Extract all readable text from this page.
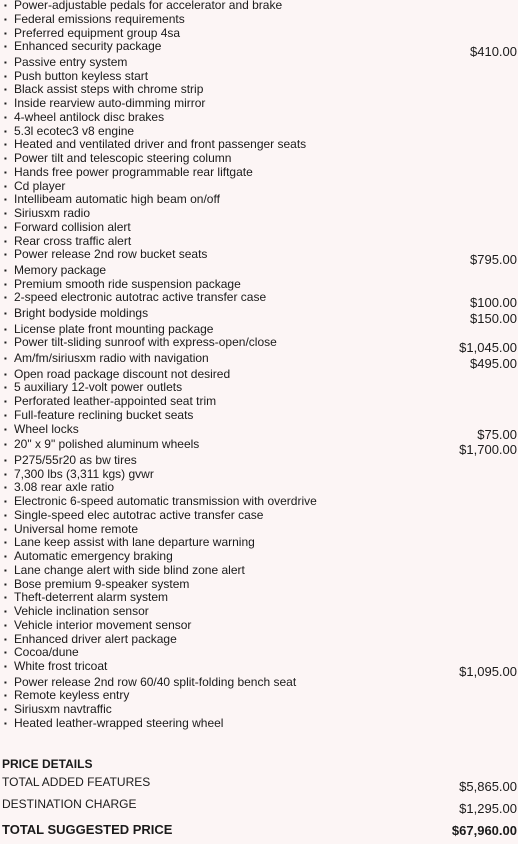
▪ Power-adjustable pedals for accelerator and brake
▪ Federal emissions requirements
▪ Preferred equipment group 4sa
▪ Enhanced security package	$410.00
▪ Passive entry system
▪ Push button keyless start
▪ Black assist steps with chrome strip
▪ Inside rearview auto-dimming mirror
▪ 4-wheel antilock disc brakes
▪ 5.3l ecotec3 v8 engine
▪ Heated and ventilated driver and front passenger seats
▪ Power tilt and telescopic steering column
▪ Hands free power programmable rear liftgate
▪ Cd player
▪ Intellibeam automatic high beam on/off
▪ Siriusxm radio
▪ Forward collision alert
▪ Rear cross traffic alert
▪ Power release 2nd row bucket seats	$795.00
▪ Memory package
▪ Premium smooth ride suspension package
▪ 2-speed electronic autotrac active transfer case	$100.00
▪ Bright bodyside moldings	$150.00
▪ License plate front mounting package
▪ Power tilt-sliding sunroof with express-open/close	$1,045.00
▪ Am/fm/siriusxm radio with navigation	$495.00
▪ Open road package discount not desired
▪ 5 auxiliary 12-volt power outlets
▪ Perforated leather-appointed seat trim
▪ Full-feature reclining bucket seats
▪ Wheel locks	$75.00
▪ 20" x 9" polished aluminum wheels	$1,700.00
▪ P275/55r20 as bw tires
▪ 7,300 lbs (3,311 kgs) gvwr
▪ 3.08 rear axle ratio
▪ Electronic 6-speed automatic transmission with overdrive
▪ Single-speed elec autotrac active transfer case
▪ Universal home remote
▪ Lane keep assist with lane departure warning
▪ Automatic emergency braking
▪ Lane change alert with side blind zone alert
▪ Bose premium 9-speaker system
▪ Theft-deterrent alarm system
▪ Vehicle inclination sensor
▪ Vehicle interior movement sensor
▪ Enhanced driver alert package
▪ Cocoa/dune
▪ White frost tricoat	$1,095.00
▪ Power release 2nd row 60/40 split-folding bench seat
▪ Remote keyless entry
▪ Siriusxm navtraffic
▪ Heated leather-wrapped steering wheel
PRICE DETAILS
TOTAL ADDED FEATURES	$5,865.00
DESTINATION CHARGE	$1,295.00
TOTAL SUGGESTED PRICE	$67,960.00
